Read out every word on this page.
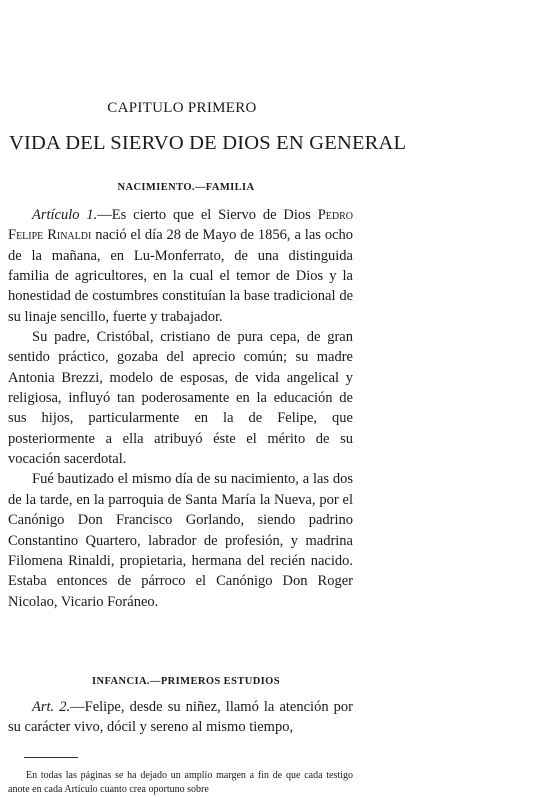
CAPITULO PRIMERO
VIDA DEL SIERVO DE DIOS EN GENERAL
NACIMIENTO.—FAMILIA

Artículo 1.—Es cierto que el Siervo de Dios Pedro Felipe Rinaldi nació el día 28 de Mayo de 1856, a las ocho de la mañana, en Lu-Monferrato, de una distinguida familia de agricultores, en la cual el temor de Dios y la honestidad de costumbres constituían la base tradicional de su linaje sencillo, fuerte y trabajador.

Su padre, Cristóbal, cristiano de pura cepa, de gran sentido práctico, gozaba del aprecio común; su madre Antonia Brezzi, modelo de esposas, de vida angelical y religiosa, influyó tan poderosamente en la educación de sus hijos, particularmente en la de Felipe, que posteriormente a ella atribuyó éste el mérito de su vocación sacerdotal.

Fué bautizado el mismo día de su nacimiento, a las dos de la tarde, en la parroquia de Santa María la Nueva, por el Canónigo Don Francisco Gorlando, siendo padrino Constantino Quartero, labrador de profesión, y madrina Filomena Rinaldi, propietaria, hermana del recién nacido. Estaba entonces de párroco el Canónigo Don Roger Nicolao, Vicario Foráneo.

INFANCIA.—PRIMEROS ESTUDIOS

Art. 2.—Felipe, desde su niñez, llamó la atención por su carácter vivo, dócil y sereno al mismo tiempo,

En todas las páginas se ha dejado un amplio margen a fin de que cada testigo anote en cada Artículo cuanto crea oportuno sobre
